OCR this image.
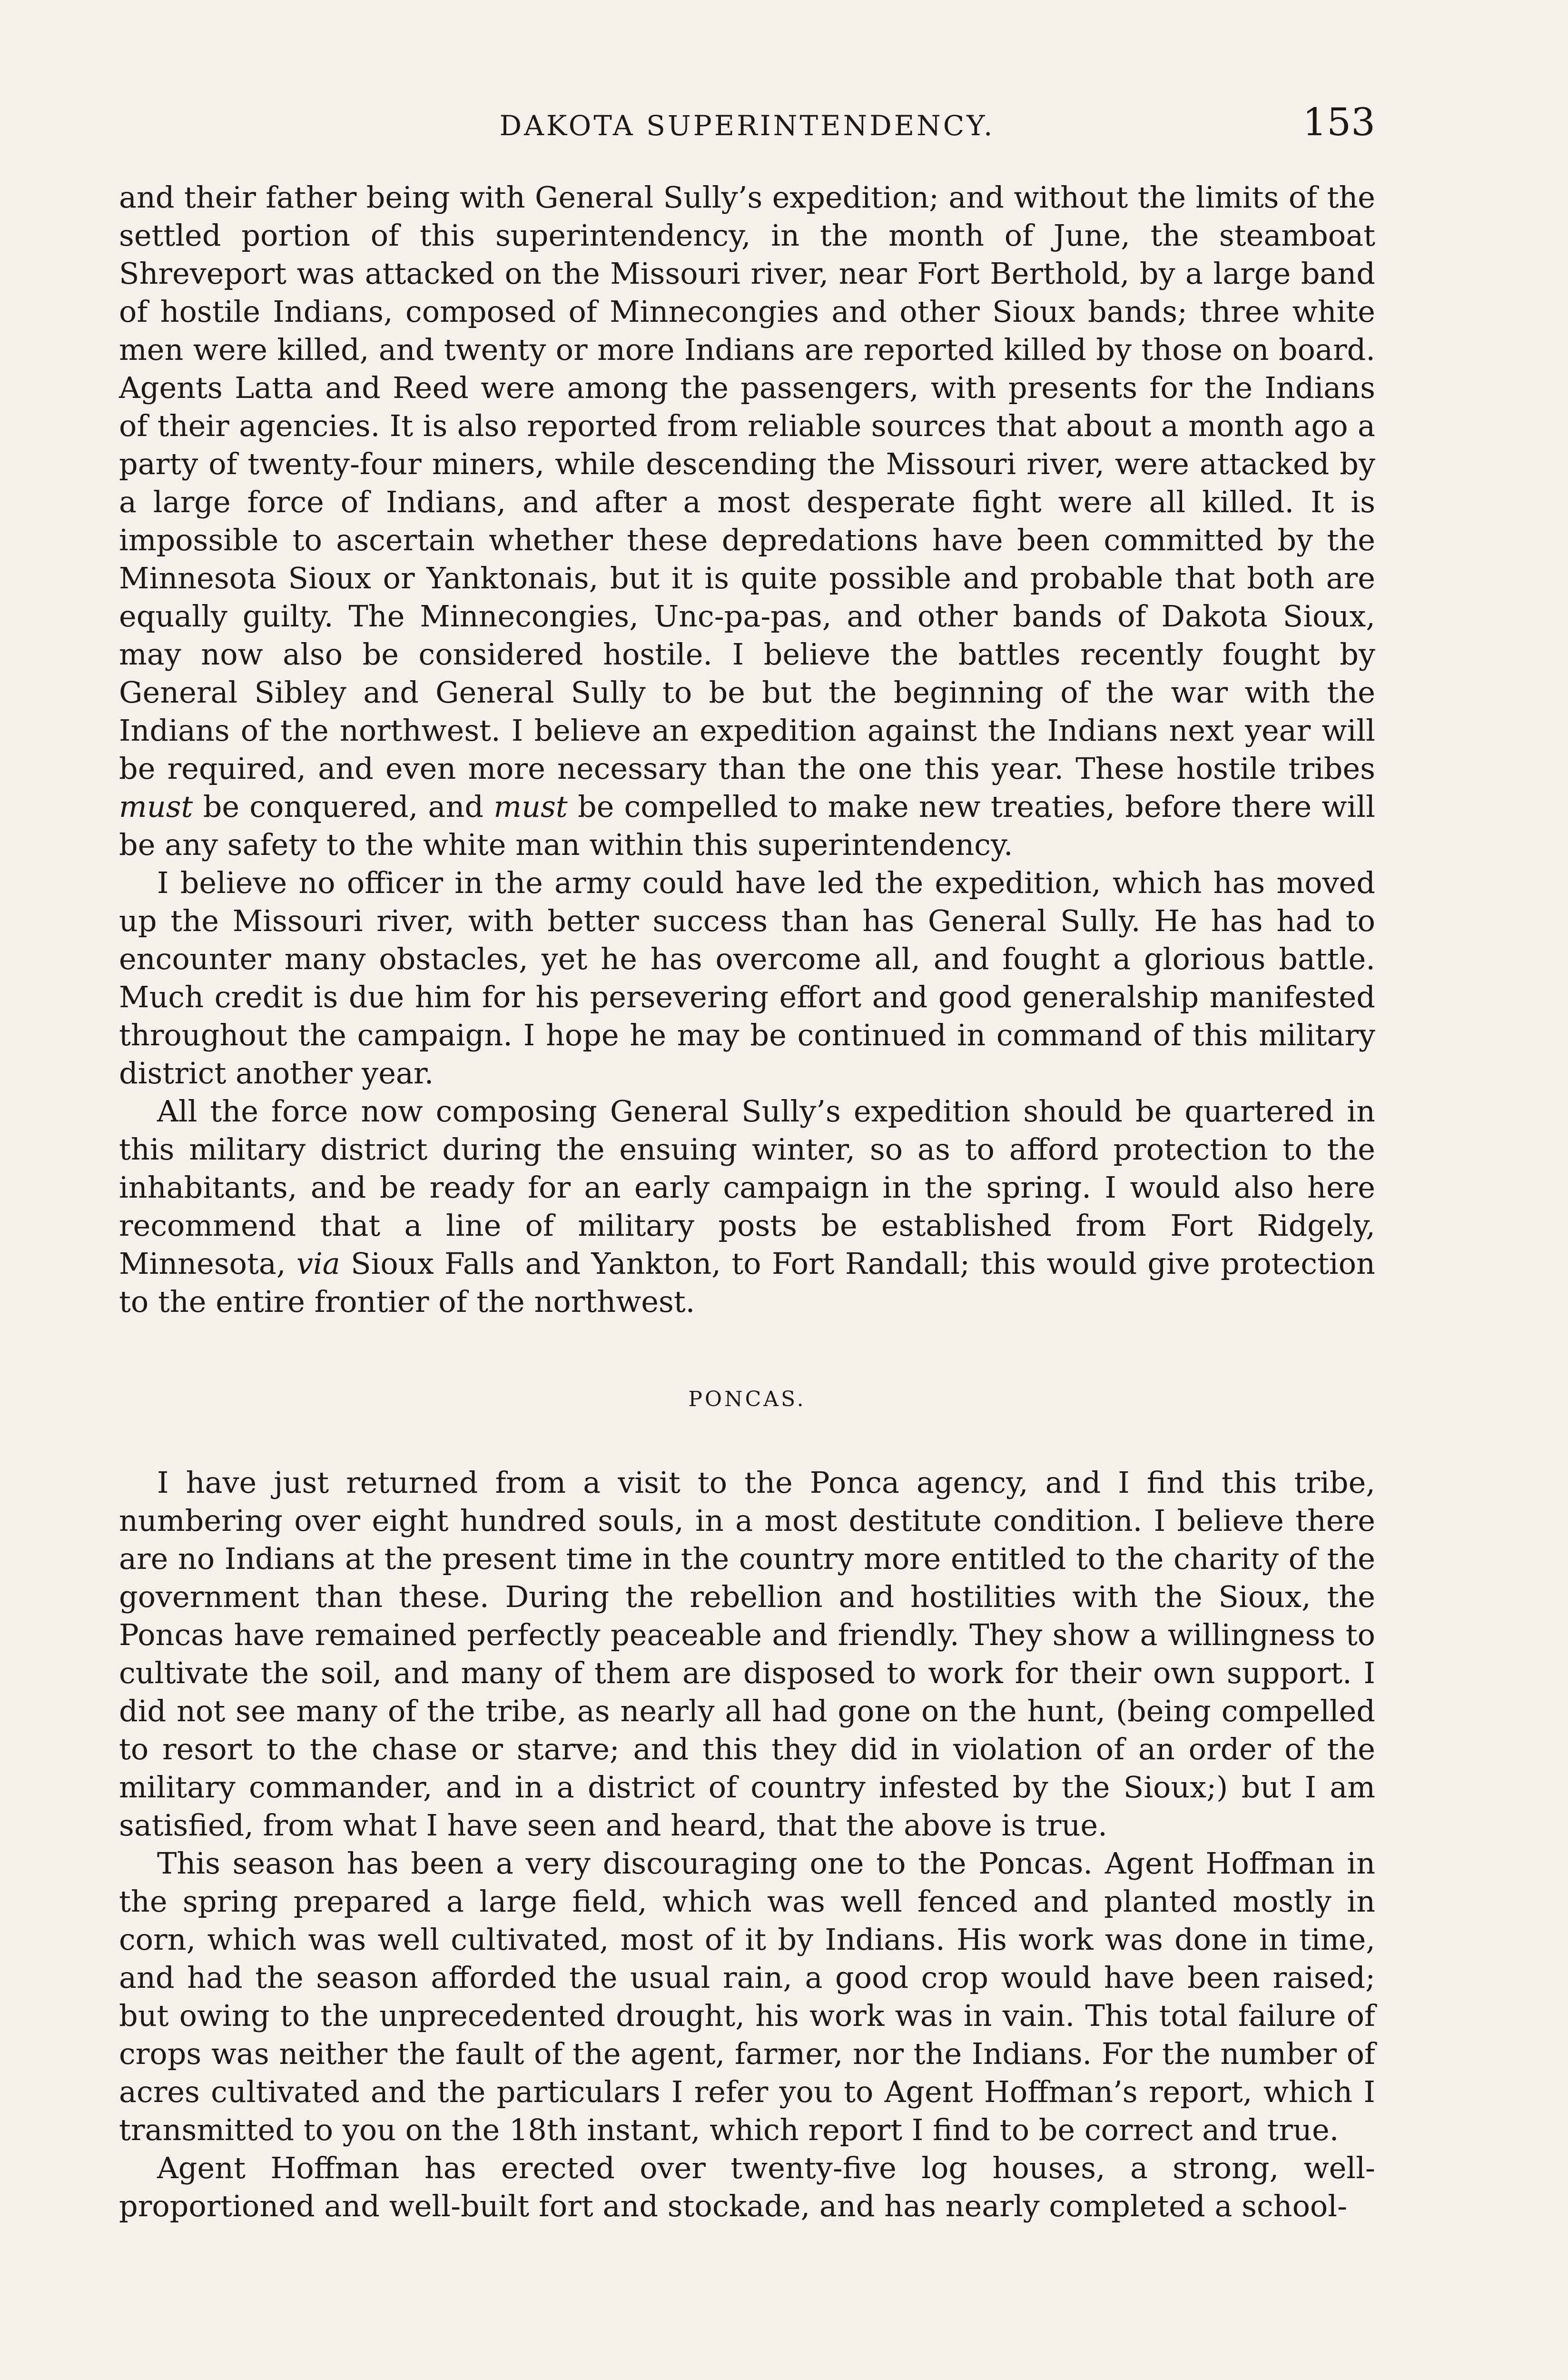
DAKOTA SUPERINTENDENCY.	153

and their father being with General Sully’s expedition; and without the limits of the settled portion of this superintendency, in the month of June, the steamboat Shreveport was attacked on the Missouri river, near Fort Berthold, by a large band of hostile Indians, composed of Minnecongies and other Sioux bands; three white men were killed, and twenty or more Indians are reported killed by those on board. Agents Latta and Reed were among the passengers, with presents for the Indians of their agencies. It is also reported from reliable sources that about a month ago a party of twenty-four miners, while descending the Missouri river, were attacked by a large force of Indians, and after a most desperate fight were all killed. It is impossible to ascertain whether these depredations have been committed by the Minnesota Sioux or Yanktonais, but it is quite possible and probable that both are equally guilty. The Minnecongies, Unc-pa-pas, and other bands of Dakota Sioux, may now also be considered hostile. I believe the battles recently fought by General Sibley and General Sully to be but the beginning of the war with the Indians of the northwest. I believe an expedition against the Indians next year will be required, and even more necessary than the one this year. These hostile tribes must be conquered, and must be compelled to make new treaties, before there will be any safety to the white man within this superintendency.

I believe no officer in the army could have led the expedition, which has moved up the Missouri river, with better success than has General Sully. He has had to encounter many obstacles, yet he has overcome all, and fought a glorious battle. Much credit is due him for his persevering effort and good generalship manifested throughout the campaign. I hope he may be continued in command of this military district another year.

All the force now composing General Sully’s expedition should be quartered in this military district during the ensuing winter, so as to afford protection to the inhabitants, and be ready for an early campaign in the spring. I would also here recommend that a line of military posts be established from Fort Ridgely, Minnesota, via Sioux Falls and Yankton, to Fort Randall; this would give protection to the entire frontier of the northwest.

PONCAS.

I have just returned from a visit to the Ponca agency, and I find this tribe, numbering over eight hundred souls, in a most destitute condition. I believe there are no Indians at the present time in the country more entitled to the charity of the government than these. During the rebellion and hostilities with the Sioux, the Poncas have remained perfectly peaceable and friendly. They show a willingness to cultivate the soil, and many of them are disposed to work for their own support. I did not see many of the tribe, as nearly all had gone on the hunt, (being compelled to resort to the chase or starve; and this they did in violation of an order of the military commander, and in a district of country infested by the Sioux;) but I am satisfied, from what I have seen and heard, that the above is true.

This season has been a very discouraging one to the Poncas. Agent Hoffman in the spring prepared a large field, which was well fenced and planted mostly in corn, which was well cultivated, most of it by Indians. His work was done in time, and had the season afforded the usual rain, a good crop would have been raised; but owing to the unprecedented drought, his work was in vain. This total failure of crops was neither the fault of the agent, farmer, nor the Indians. For the number of acres cultivated and the particulars I refer you to Agent Hoffman’s report, which I transmitted to you on the 18th instant, which report I find to be correct and true.

Agent Hoffman has erected over twenty-five log houses, a strong, well-proportioned and well-built fort and stockade, and has nearly completed a school-
